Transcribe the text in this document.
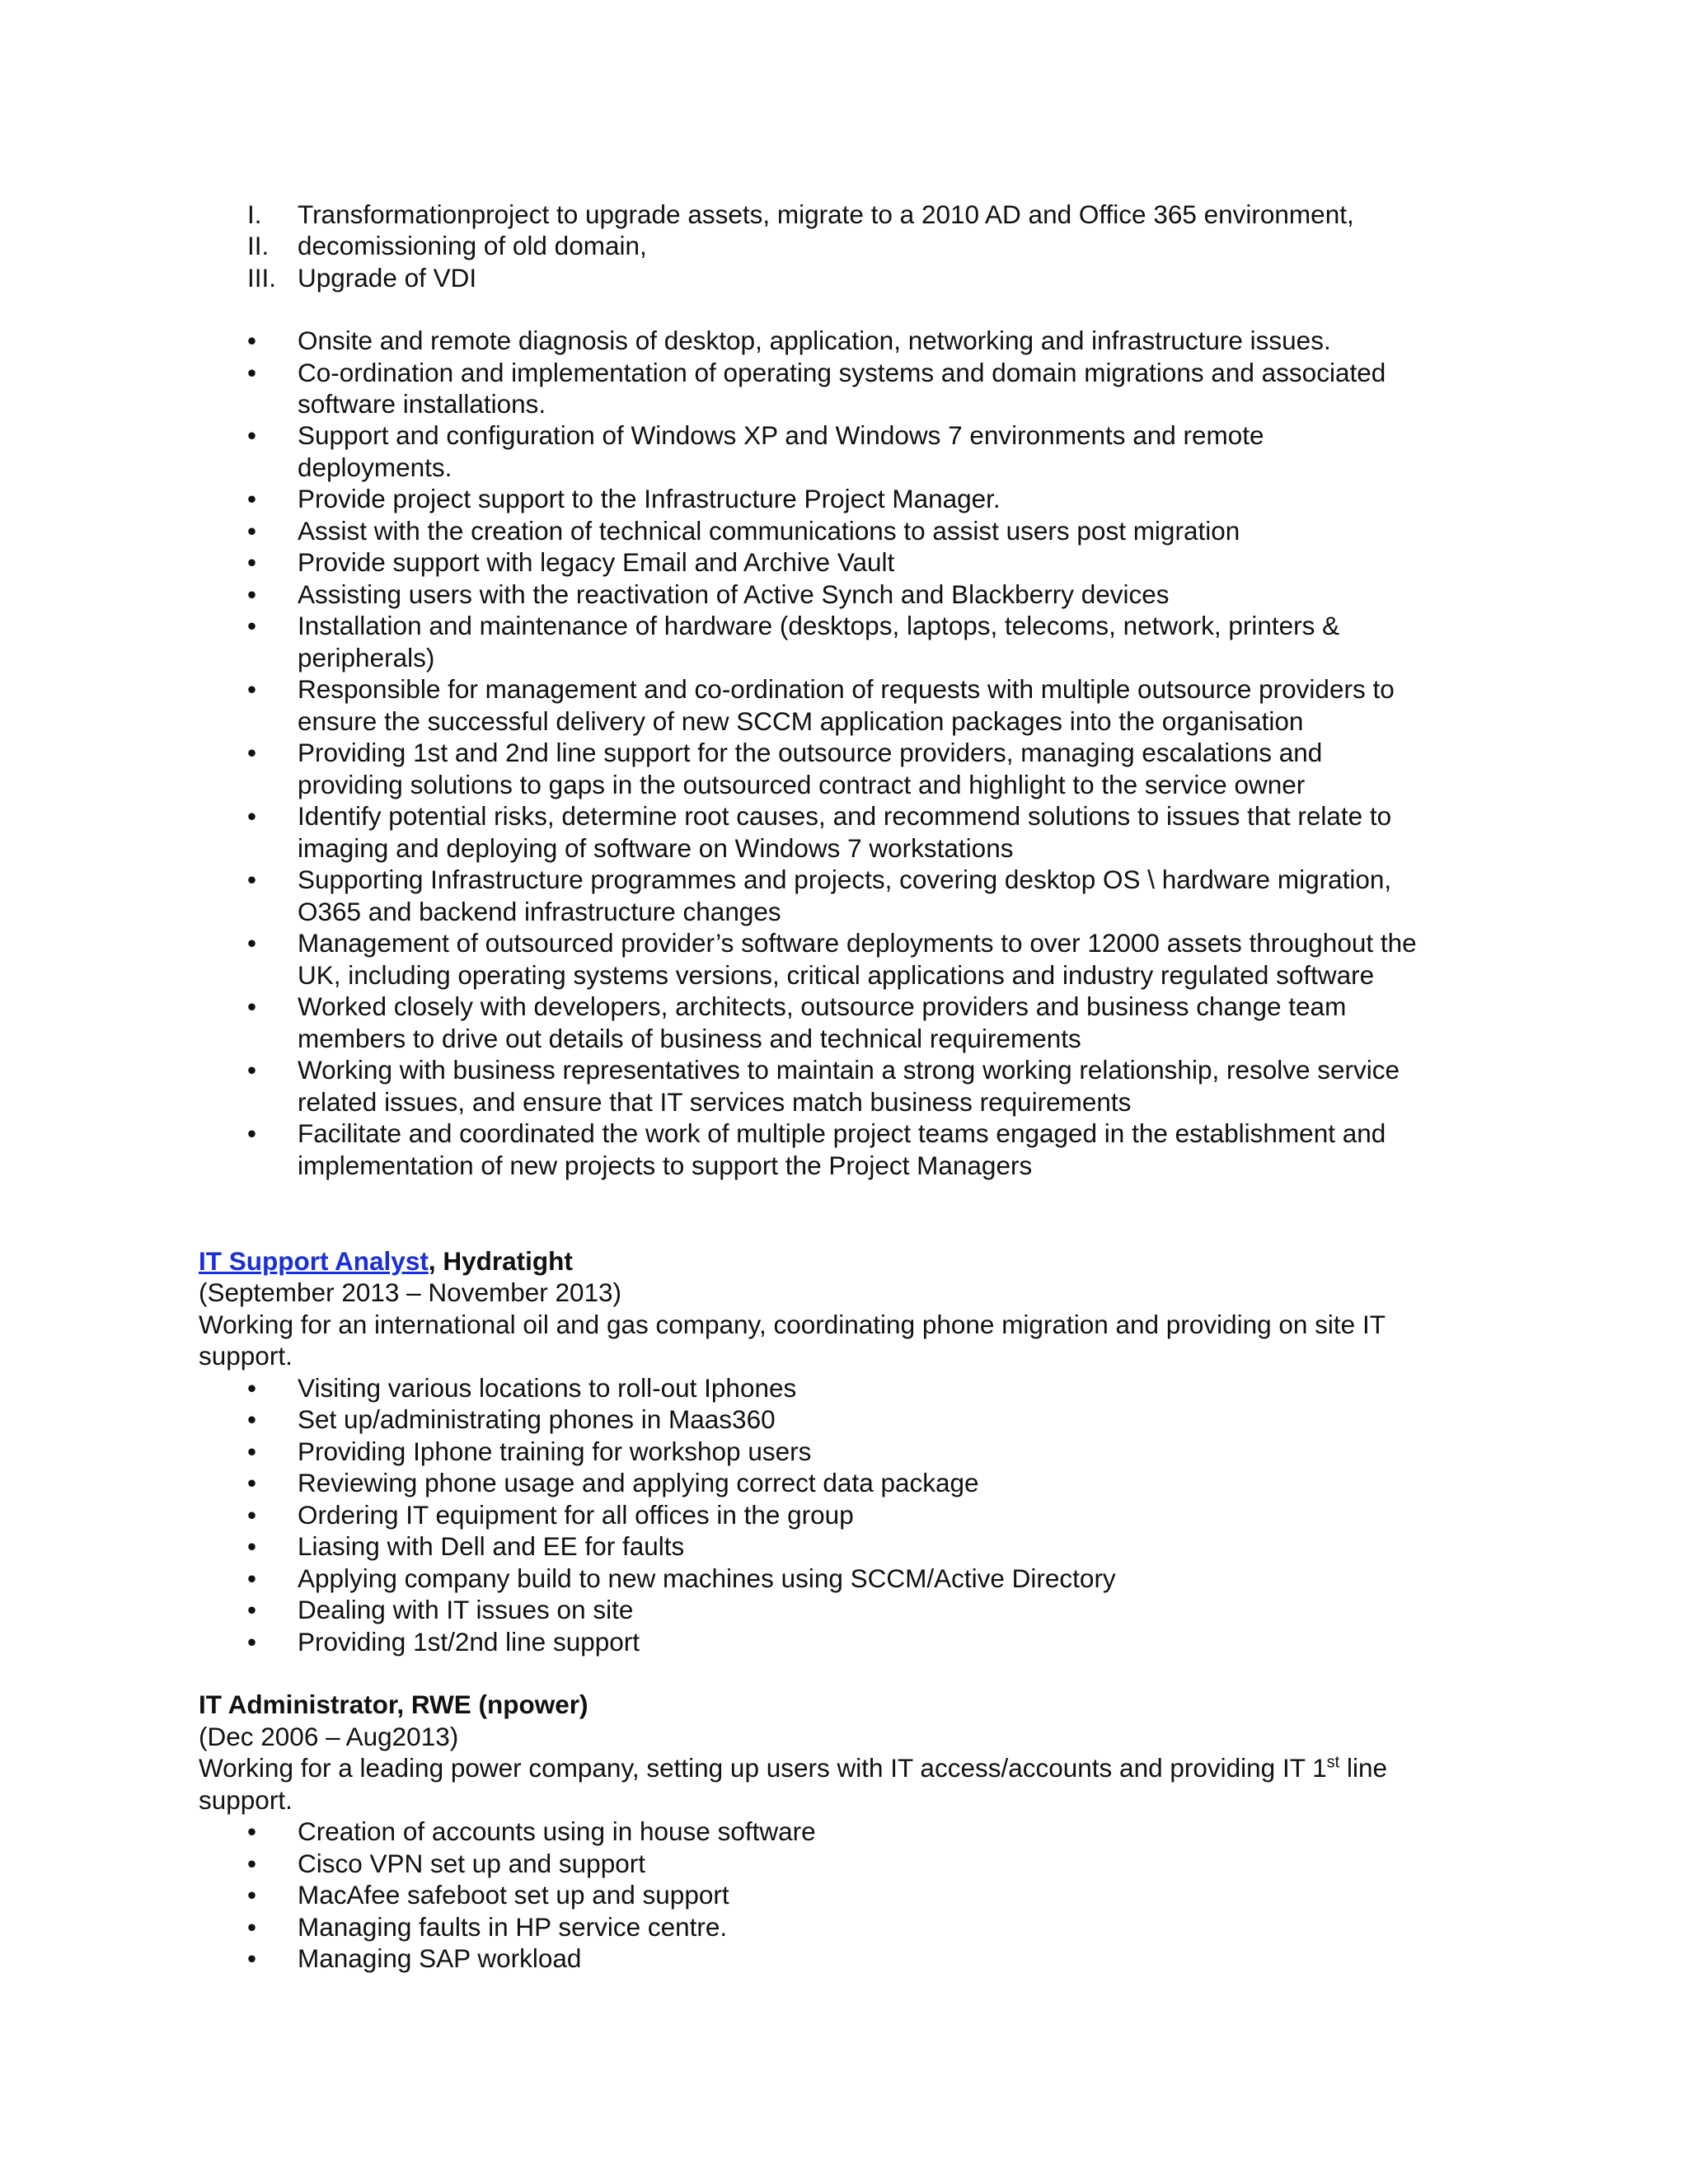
I. Transformationproject to upgrade assets, migrate to a 2010 AD and Office 365 environment,
II. decomissioning of old domain,
III. Upgrade of VDI
• Onsite and remote diagnosis of desktop, application, networking and infrastructure issues.
• Co-ordination and implementation of operating systems and domain migrations and associated
software installations.
• Support and configuration of Windows XP and Windows 7 environments and remote
deployments.
• Provide project support to the Infrastructure Project Manager.
• Assist with the creation of technical communications to assist users post migration
• Provide support with legacy Email and Archive Vault
• Assisting users with the reactivation of Active Synch and Blackberry devices
• Installation and maintenance of hardware (desktops, laptops, telecoms, network, printers &
peripherals)
• Responsible for management and co-ordination of requests with multiple outsource providers to
ensure the successful delivery of new SCCM application packages into the organisation
• Providing 1st and 2nd line support for the outsource providers, managing escalations and
providing solutions to gaps in the outsourced contract and highlight to the service owner
• Identify potential risks, determine root causes, and recommend solutions to issues that relate to
imaging and deploying of software on Windows 7 workstations
• Supporting Infrastructure programmes and projects, covering desktop OS \ hardware migration,
O365 and backend infrastructure changes
• Management of outsourced provider’s software deployments to over 12000 assets throughout the
UK, including operating systems versions, critical applications and industry regulated software
• Worked closely with developers, architects, outsource providers and business change team
members to drive out details of business and technical requirements
• Working with business representatives to maintain a strong working relationship, resolve service
related issues, and ensure that IT services match business requirements
• Facilitate and coordinated the work of multiple project teams engaged in the establishment and
implementation of new projects to support the Project Managers
IT Support Analyst, Hydratight
(September 2013 – November 2013)
Working for an international oil and gas company, coordinating phone migration and providing on site IT
support.
• Visiting various locations to roll-out Iphones
• Set up/administrating phones in Maas360
• Providing Iphone training for workshop users
• Reviewing phone usage and applying correct data package
• Ordering IT equipment for all offices in the group
• Liasing with Dell and EE for faults
• Applying company build to new machines using SCCM/Active Directory
• Dealing with IT issues on site
• Providing 1st/2nd line support
IT Administrator, RWE (npower)
(Dec 2006 – Aug2013)
Working for a leading power company, setting up users with IT access/accounts and providing IT 1st line
support.
• Creation of accounts using in house software
• Cisco VPN set up and support
• MacAfee safeboot set up and support
• Managing faults in HP service centre.
• Managing SAP workload
